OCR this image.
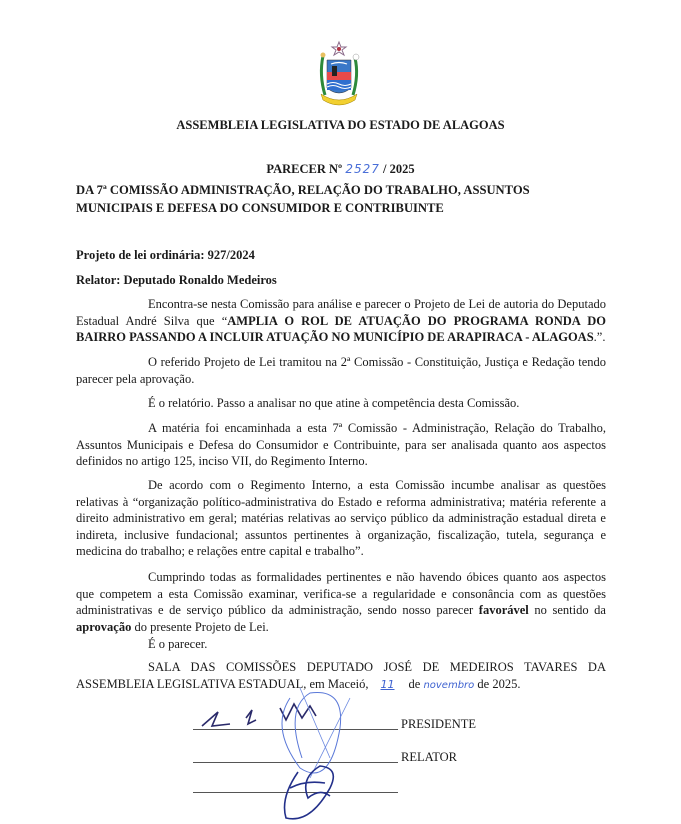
ASSEMBLEIA LEGISLATIVA DO ESTADO DE ALAGOAS
PARECER Nº 2527 / 2025
DA 7ª COMISSÃO ADMINISTRAÇÃO, RELAÇÃO DO TRABALHO, ASSUNTOS MUNICIPAIS E DEFESA DO CONSUMIDOR E CONTRIBUINTE
Projeto de lei ordinária: 927/2024
Relator: Deputado Ronaldo Medeiros
Encontra-se nesta Comissão para análise e parecer o Projeto de Lei de autoria do Deputado Estadual André Silva que “AMPLIA O ROL DE ATUAÇÃO DO PROGRAMA RONDA DO BAIRRO PASSANDO A INCLUIR ATUAÇÃO NO MUNICÍPIO DE ARAPIRACA - ALAGOAS.”.
O referido Projeto de Lei tramitou na 2ª Comissão - Constituição, Justiça e Redação tendo parecer pela aprovação.
É o relatório. Passo a analisar no que atine à competência desta Comissão.
A matéria foi encaminhada a esta 7ª Comissão - Administração, Relação do Trabalho, Assuntos Municipais e Defesa do Consumidor e Contribuinte, para ser analisada quanto aos aspectos definidos no artigo 125, inciso VII, do Regimento Interno.
De acordo com o Regimento Interno, a esta Comissão incumbe analisar as questões relativas à “organização político-administrativa do Estado e reforma administrativa; matéria referente a direito administrativo em geral; matérias relativas ao serviço público da administração estadual direta e indireta, inclusive fundacional; assuntos pertinentes à organização, fiscalização, tutela, segurança e medicina do trabalho; e relações entre capital e trabalho”.
Cumprindo todas as formalidades pertinentes e não havendo óbices quanto aos aspectos que competem a esta Comissão examinar, verifica-se a regularidade e consonância com as questões administrativas e de serviço público da administração, sendo nosso parecer favorável no sentido da aprovação do presente Projeto de Lei.
É o parecer.
SALA DAS COMISSÕES DEPUTADO JOSÉ DE MEDEIROS TAVARES DA ASSEMBLEIA LEGISLATIVA ESTADUAL, em Maceió, 11 de novembro de 2025.
PRESIDENTE
RELATOR
